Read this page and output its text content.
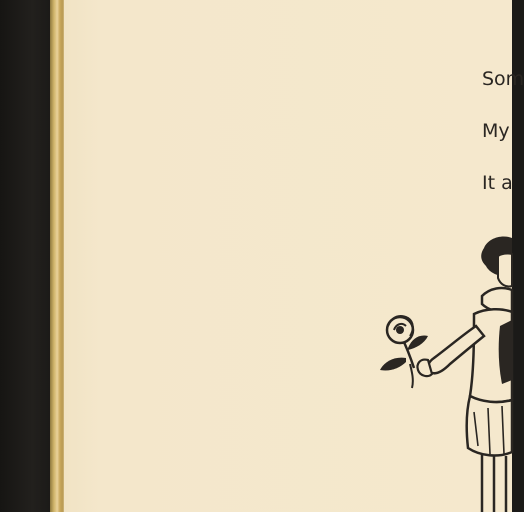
Som
My
It a
